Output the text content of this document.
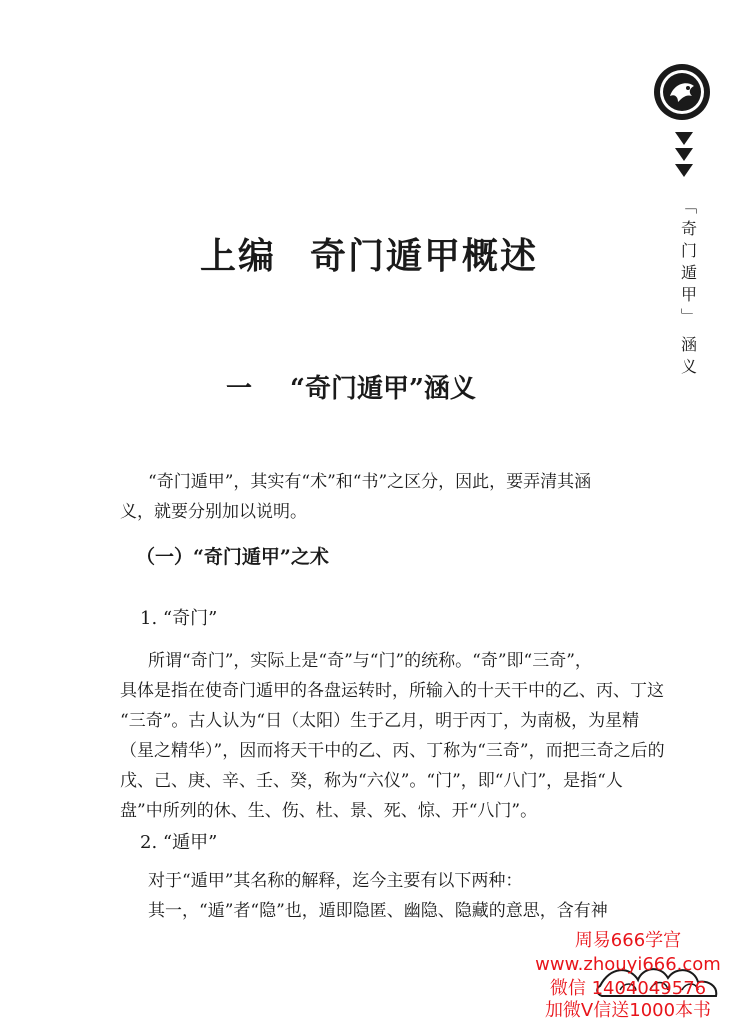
上编 奇门遁甲概述
一 “奇门遁甲”涵义
“奇门遁甲”，其实有“术”和“书”之区分，因此，要弄清其涵
义，就要分别加以说明。
（一）“奇门遁甲”之术
1. “奇门”
所谓“奇门”，实际上是“奇”与“门”的统称。“奇”即“三奇”，
具体是指在使奇门遁甲的各盘运转时，所输入的十天干中的乙、丙、丁这
“三奇”。古人认为“日（太阳）生于乙月，明于丙丁，为南极，为星精
（星之精华）”，因而将天干中的乙、丙、丁称为“三奇”，而把三奇之后的
戊、己、庚、辛、壬、癸，称为“六仪”。“门”，即“八门”，是指“人
盘”中所列的休、生、伤、杜、景、死、惊、开“八门”。
2. “遁甲”
对于“遁甲”其名称的解释，迄今主要有以下两种：
其一，“遁”者“隐”也，遁即隐匿、幽隐、隐藏的意思，含有神
﹁
奇
门
遁
甲
﹂
涵
义
周易666学宫
www.zhouyi666.com
微信 1404049576
加微V信送1000本书
